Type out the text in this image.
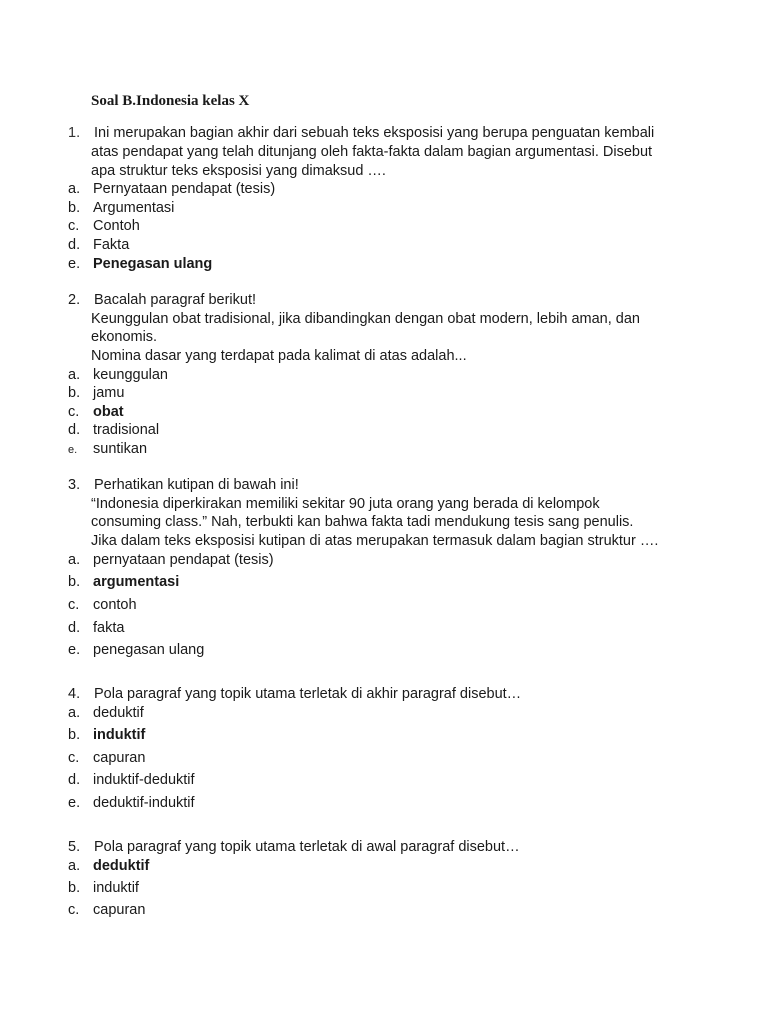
Soal B.Indonesia kelas X
1. Ini merupakan bagian akhir dari sebuah teks eksposisi yang berupa penguatan kembali
atas pendapat yang telah ditunjang oleh fakta-fakta dalam bagian argumentasi. Disebut
apa struktur teks eksposisi yang dimaksud ….
a. Pernyataan pendapat (tesis)
b. Argumentasi
c. Contoh
d. Fakta
e. Penegasan ulang
2. Bacalah paragraf berikut!
Keunggulan obat tradisional, jika dibandingkan dengan obat modern, lebih aman, dan
ekonomis.
Nomina dasar yang terdapat pada kalimat di atas adalah...
a. keunggulan
b. jamu
c. obat
d. tradisional
e. suntikan
3. Perhatikan kutipan di bawah ini!
“Indonesia diperkirakan memiliki sekitar 90 juta orang yang berada di kelompok
consuming class.” Nah, terbukti kan bahwa fakta tadi mendukung tesis sang penulis.
Jika dalam teks eksposisi kutipan di atas merupakan termasuk dalam bagian struktur ….
a. pernyataan pendapat (tesis)
b. argumentasi
c. contoh
d. fakta
e. penegasan ulang
4. Pola paragraf yang topik utama terletak di akhir paragraf disebut…
a. deduktif
b. induktif
c. capuran
d. induktif-deduktif
e. deduktif-induktif
5. Pola paragraf yang topik utama terletak di awal paragraf disebut…
a. deduktif
b. induktif
c. capuran
